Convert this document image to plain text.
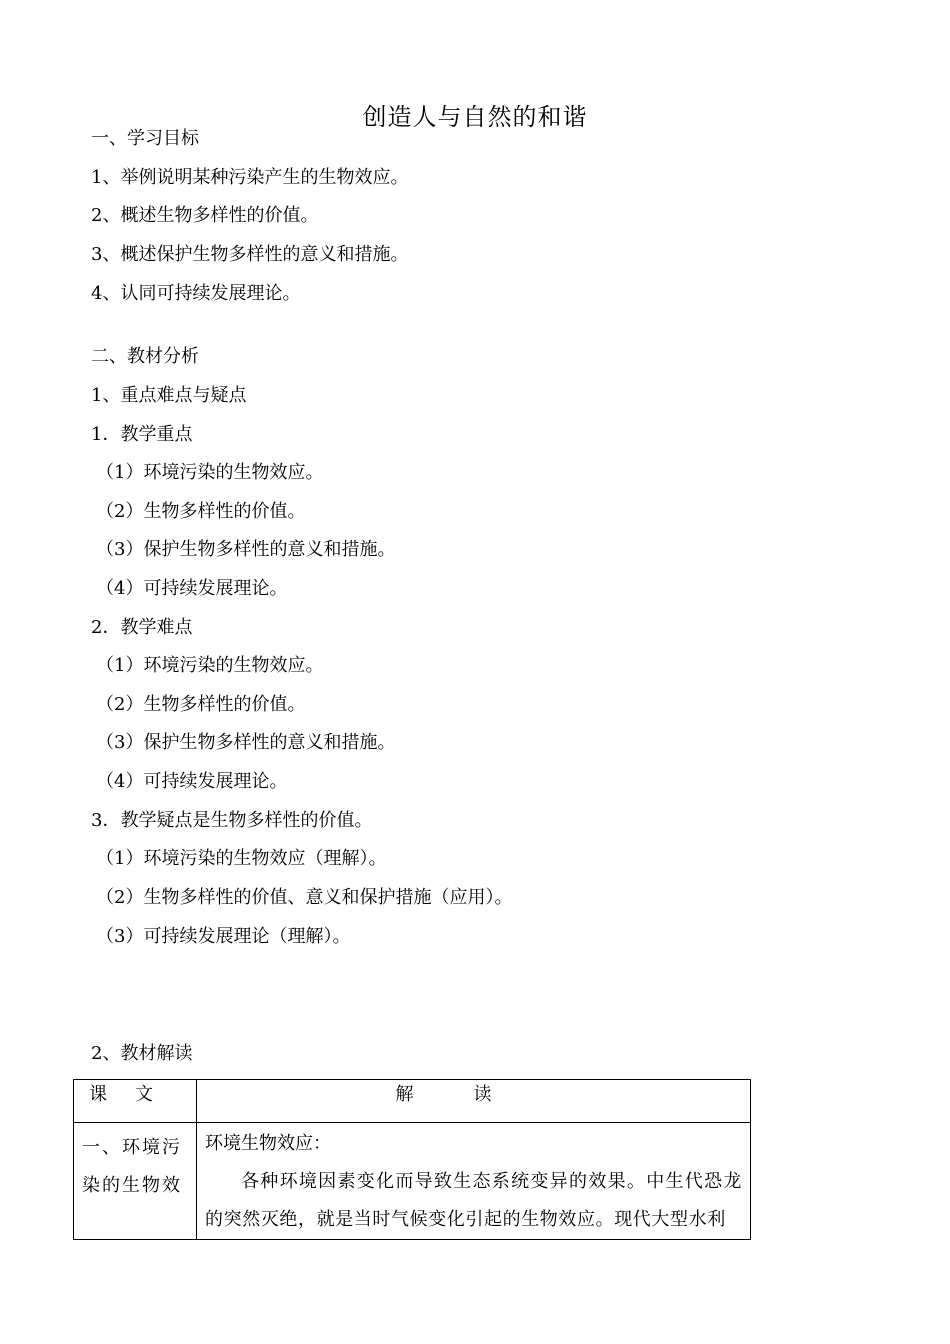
创造人与自然的和谐
一、学习目标
1、举例说明某种污染产生的生物效应。
2、概述生物多样性的价值。
3、概述保护生物多样性的意义和措施。
4、认同可持续发展理论。
二、教材分析
1、重点难点与疑点
1．教学重点
（1）环境污染的生物效应。
（2）生物多样性的价值。
（3）保护生物多样性的意义和措施。
（4）可持续发展理论。
2．教学难点
（1）环境污染的生物效应。
（2）生物多样性的价值。
（3）保护生物多样性的意义和措施。
（4）可持续发展理论。
3．教学疑点是生物多样性的价值。
（1）环境污染的生物效应（理解）。
（2）生物多样性的价值、意义和保护措施（应用）。
（3）可持续发展理论（理解）。
2、教材解读
课文	解读
一、环境污染的生物效	环境生物效应：

各种环境因素变化而导致生态系统变异的效果。中生代恐龙的突然灭绝，就是当时气候变化引起的生物效应。现代大型水利
